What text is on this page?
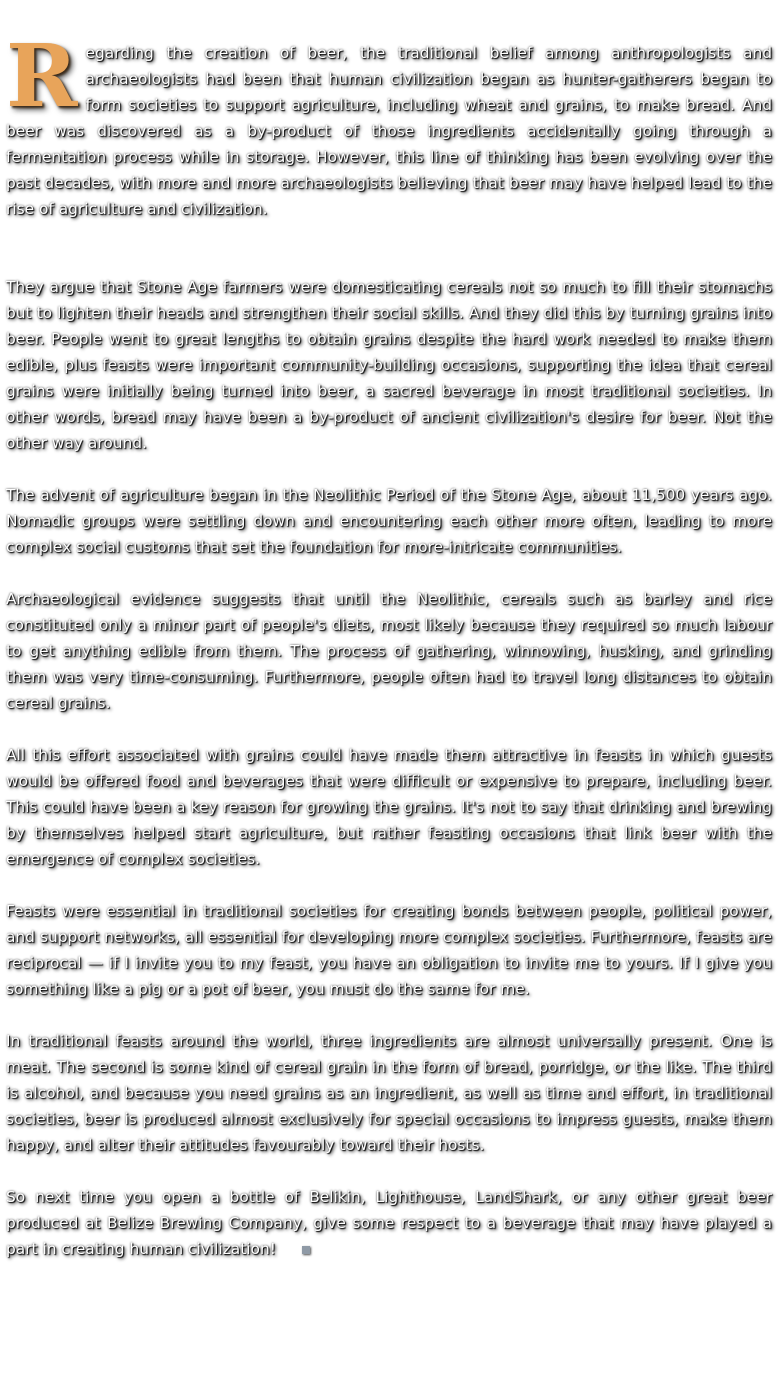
Regarding the creation of beer, the traditional belief among anthropologists and archaeologists had been that human civilization began as hunter-gatherers began to form societies to support agriculture, including wheat and grains, to make bread. And beer was discovered as a by-product of those ingredients accidentally going through a fermentation process while in storage. However, this line of thinking has been evolving over the past decades, with more and more archaeologists believing that beer may have helped lead to the rise of agriculture and civilization.

They argue that Stone Age farmers were domesticating cereals not so much to fill their stomachs but to lighten their heads and strengthen their social skills. And they did this by turning grains into beer. People went to great lengths to obtain grains despite the hard work needed to make them edible, plus feasts were important community-building occasions, supporting the idea that cereal grains were initially being turned into beer, a sacred beverage in most traditional societies. In other words, bread may have been a by-product of ancient civilization's desire for beer. Not the other way around.

The advent of agriculture began in the Neolithic Period of the Stone Age, about 11,500 years ago. Nomadic groups were settling down and encountering each other more often, leading to more complex social customs that set the foundation for more-intricate communities.

Archaeological evidence suggests that until the Neolithic, cereals such as barley and rice constituted only a minor part of people's diets, most likely because they required so much labour to get anything edible from them. The process of gathering, winnowing, husking, and grinding them was very time-consuming. Furthermore, people often had to travel long distances to obtain cereal grains.

All this effort associated with grains could have made them attractive in feasts in which guests would be offered food and beverages that were difficult or expensive to prepare, including beer. This could have been a key reason for growing the grains. It's not to say that drinking and brewing by themselves helped start agriculture, but rather feasting occasions that link beer with the emergence of complex societies.

Feasts were essential in traditional societies for creating bonds between people, political power, and support networks, all essential for developing more complex societies. Furthermore, feasts are reciprocal — if I invite you to my feast, you have an obligation to invite me to yours. If I give you something like a pig or a pot of beer, you must do the same for me.

In traditional feasts around the world, three ingredients are almost universally present. One is meat. The second is some kind of cereal grain in the form of bread, porridge, or the like. The third is alcohol, and because you need grains as an ingredient, as well as time and effort, in traditional societies, beer is produced almost exclusively for special occasions to impress guests, make them happy, and alter their attitudes favourably toward their hosts.

So next time you open a bottle of Belikin, Lighthouse, LandShark, or any other great beer produced at Belize Brewing Company, give some respect to a beverage that may have played a part in creating human civilization!
